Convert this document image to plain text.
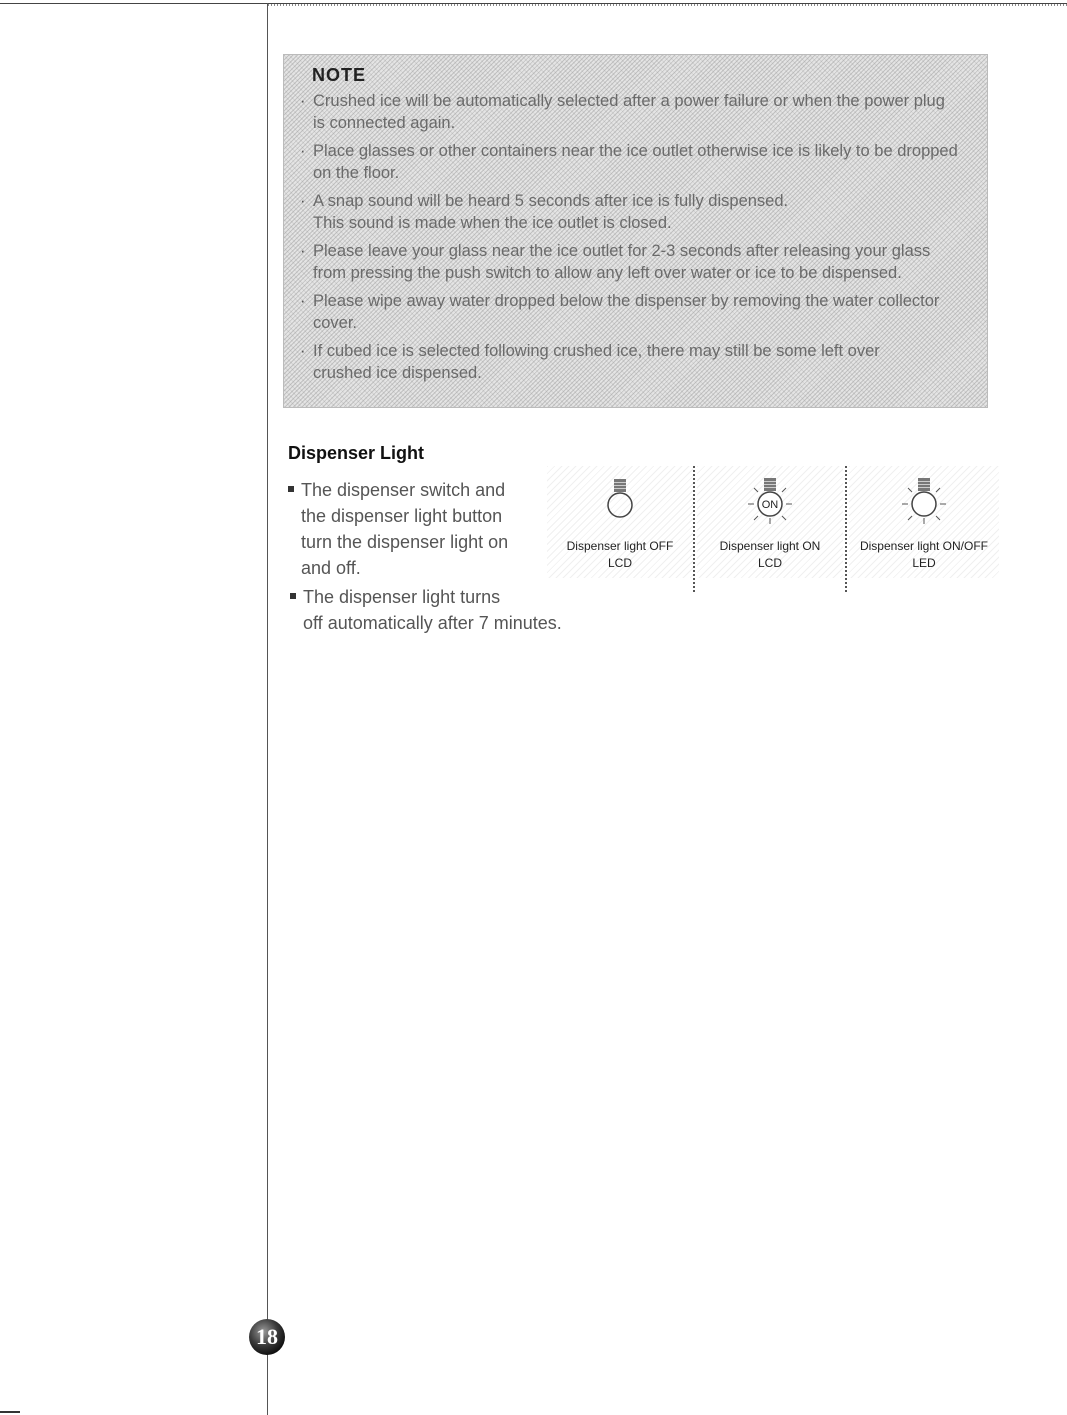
NOTE
· Crushed ice will be automatically selected after a power failure or when the power plug
is connected again.
· Place glasses or other containers near the ice outlet otherwise ice is likely to be dropped
on the floor.
· A snap sound will be heard 5 seconds after ice is fully dispensed.
This sound is made when the ice outlet is closed.
· Please leave your glass near the ice outlet for 2-3 seconds after releasing your glass
from pressing the push switch to allow any left over water or ice to be dispensed.
· Please wipe away water dropped below the dispenser by removing the water collector
cover.
· If cubed ice is selected following crushed ice, there may still be some left over
crushed ice dispensed.
Dispenser Light
The dispenser switch and
the dispenser light button
turn the dispenser light on
and off.
The dispenser light turns
off automatically after 7 minutes.
Dispenser light OFF
LCD
ON
Dispenser light ON
LCD
Dispenser light ON/OFF
LED
18
